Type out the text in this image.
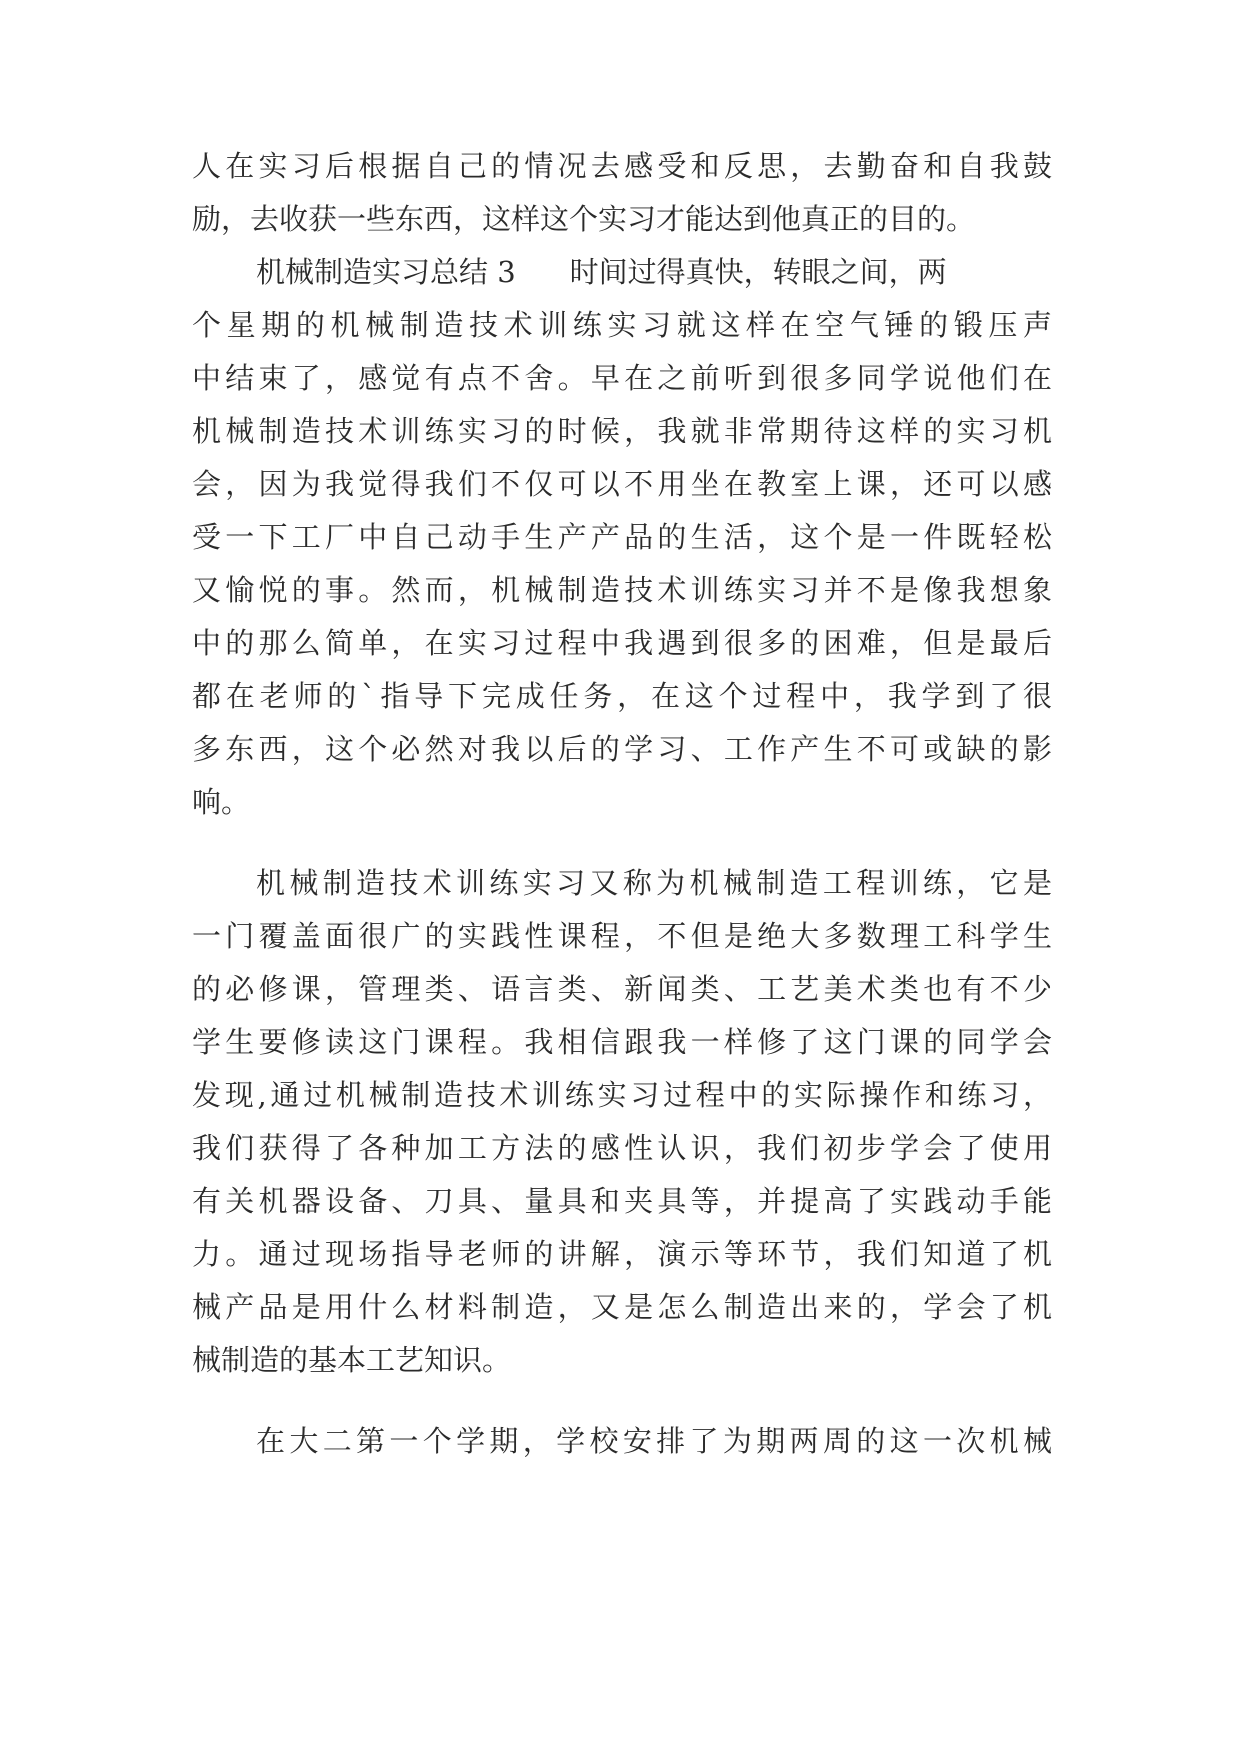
人在实习后根据自己的情况去感受和反思，去勤奋和自我鼓
励，去收获一些东西，这样这个实习才能达到他真正的目的。
机械制造实习总结 3 时间过得真快，转眼之间，两
个星期的机械制造技术训练实习就这样在空气锤的锻压声
中结束了，感觉有点不舍。早在之前听到很多同学说他们在
机械制造技术训练实习的时候，我就非常期待这样的实习机
会，因为我觉得我们不仅可以不用坐在教室上课，还可以感
受一下工厂中自己动手生产产品的生活，这个是一件既轻松
又愉悦的事。然而，机械制造技术训练实习并不是像我想象
中的那么简单，在实习过程中我遇到很多的困难，但是最后
都在老师的`指导下完成任务，在这个过程中，我学到了很
多东西，这个必然对我以后的学习、工作产生不可或缺的影
响。
机械制造技术训练实习又称为机械制造工程训练，它是
一门覆盖面很广的实践性课程，不但是绝大多数理工科学生
的必修课，管理类、语言类、新闻类、工艺美术类也有不少
学生要修读这门课程。我相信跟我一样修了这门课的同学会
发现,通过机械制造技术训练实习过程中的实际操作和练习，
我们获得了各种加工方法的感性认识，我们初步学会了使用
有关机器设备、刀具、量具和夹具等，并提高了实践动手能
力。通过现场指导老师的讲解，演示等环节，我们知道了机
械产品是用什么材料制造，又是怎么制造出来的，学会了机
械制造的基本工艺知识。
在大二第一个学期，学校安排了为期两周的这一次机械
